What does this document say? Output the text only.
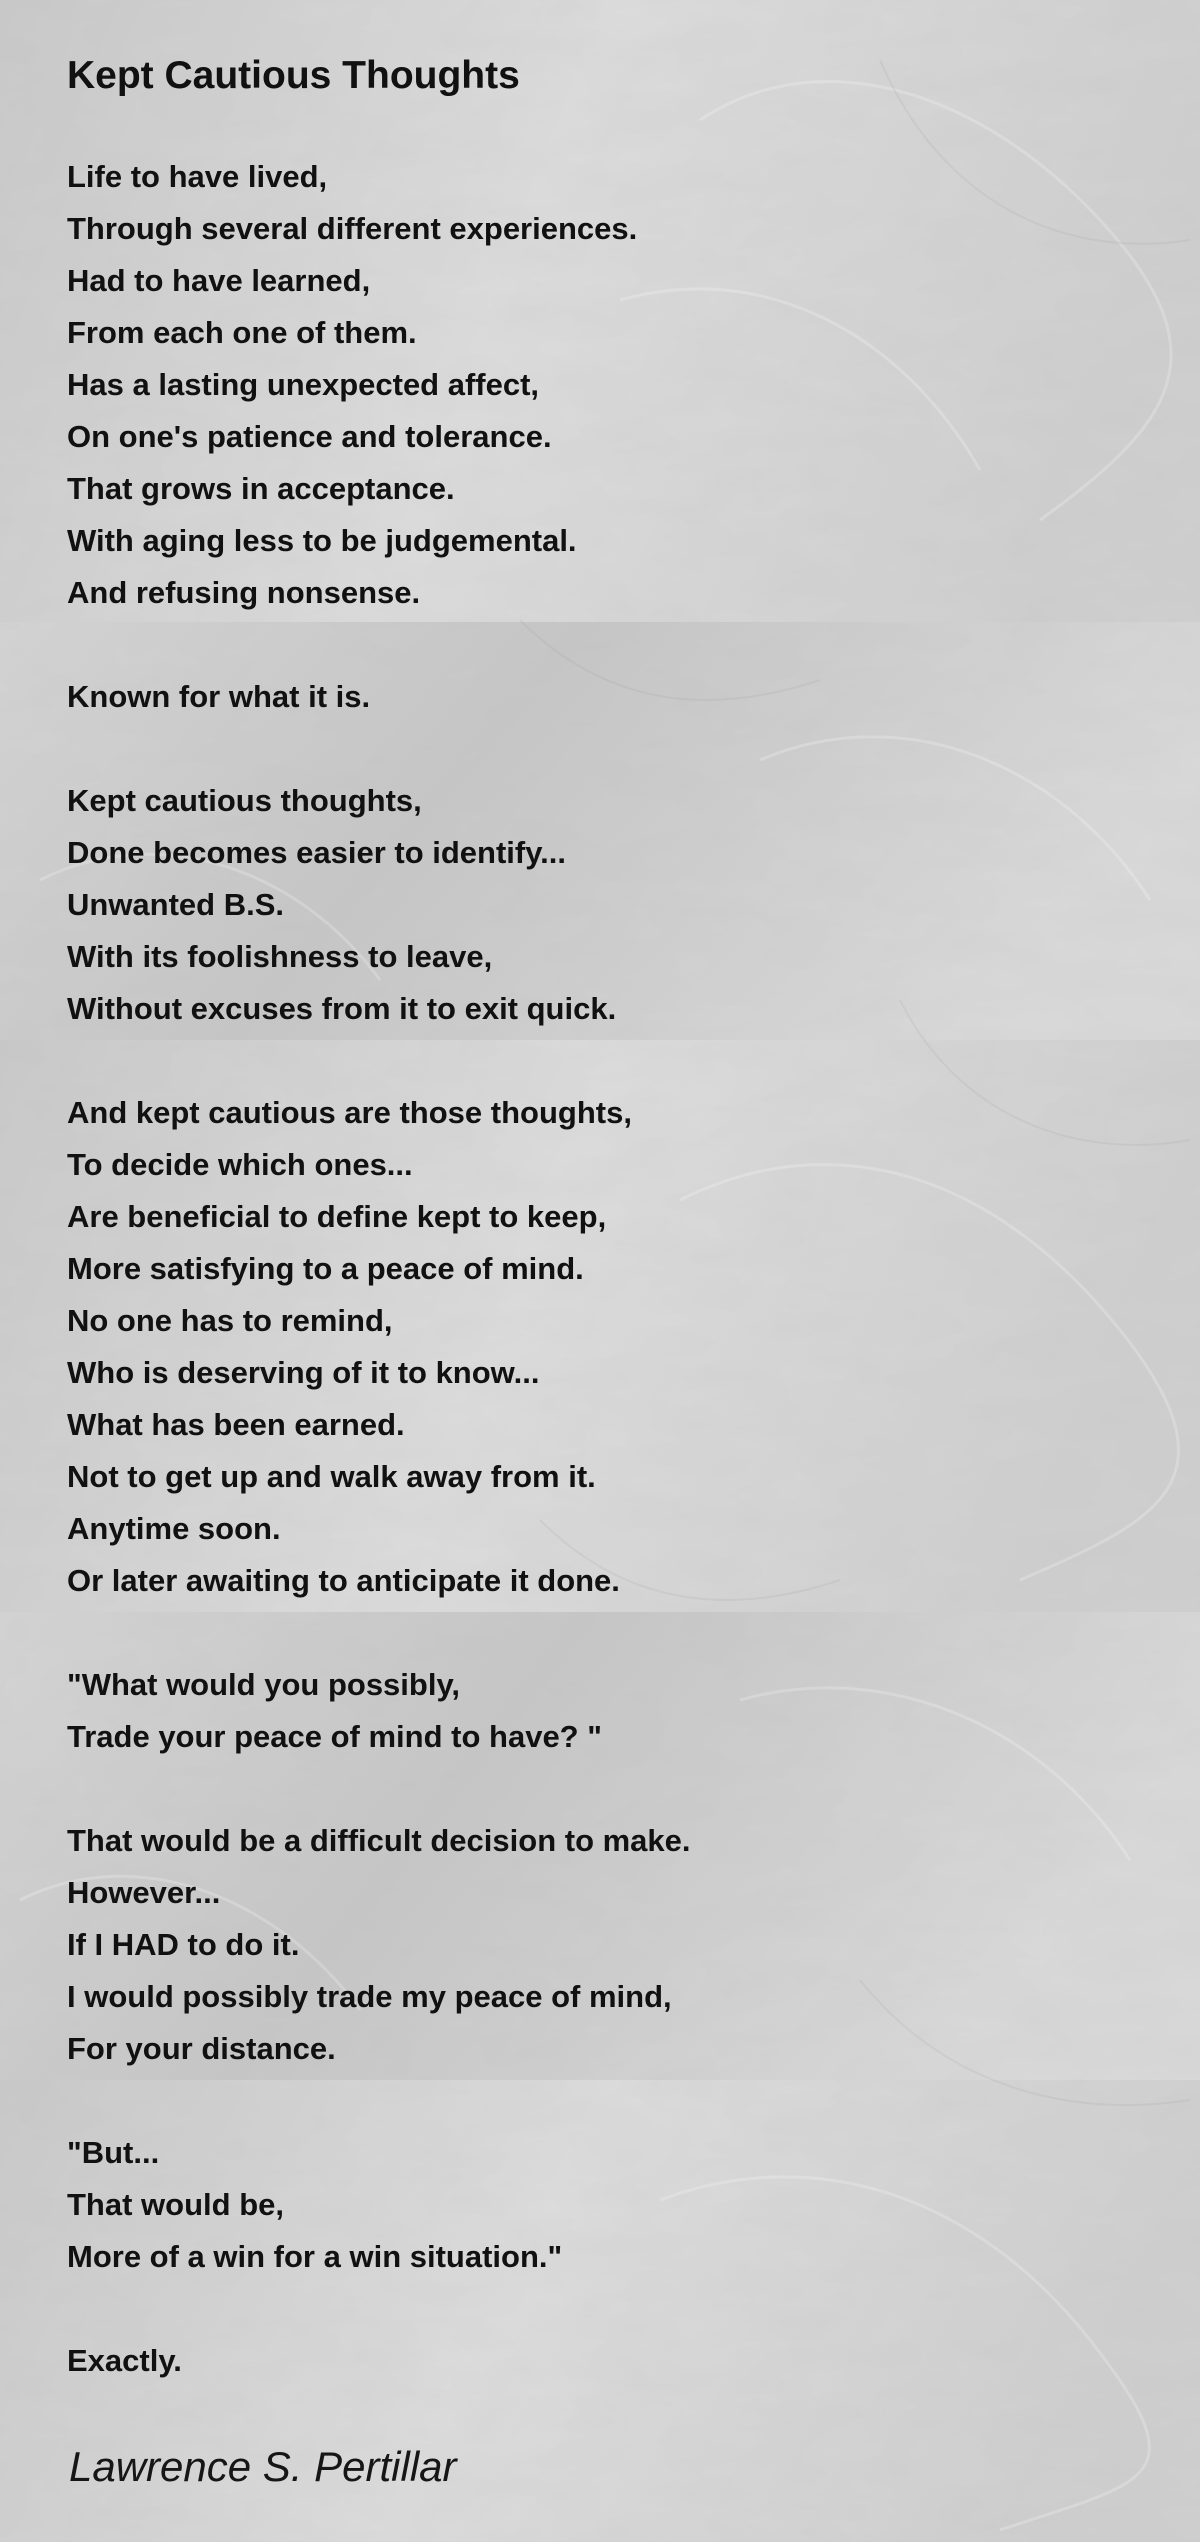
Kept Cautious Thoughts
Life to have lived,
Through several different experiences.
Had to have learned,
From each one of them.
Has a lasting unexpected affect,
On one's patience and tolerance.
That grows in acceptance.
With aging less to be judgemental.
And refusing nonsense.
Known for what it is.
Kept cautious thoughts,
Done becomes easier to identify...
Unwanted B.S.
With its foolishness to leave,
Without excuses from it to exit quick.
And kept cautious are those thoughts,
To decide which ones...
Are beneficial to define kept to keep,
More satisfying to a peace of mind.
No one has to remind,
Who is deserving of it to know...
What has been earned.
Not to get up and walk away from it.
Anytime soon.
Or later awaiting to anticipate it done.
"What would you possibly,
Trade your peace of mind to have? "
That would be a difficult decision to make.
However...
If I HAD to do it.
I would possibly trade my peace of mind,
For your distance.
"But...
That would be,
More of a win for a win situation."
Exactly.

Lawrence S. Pertillar
